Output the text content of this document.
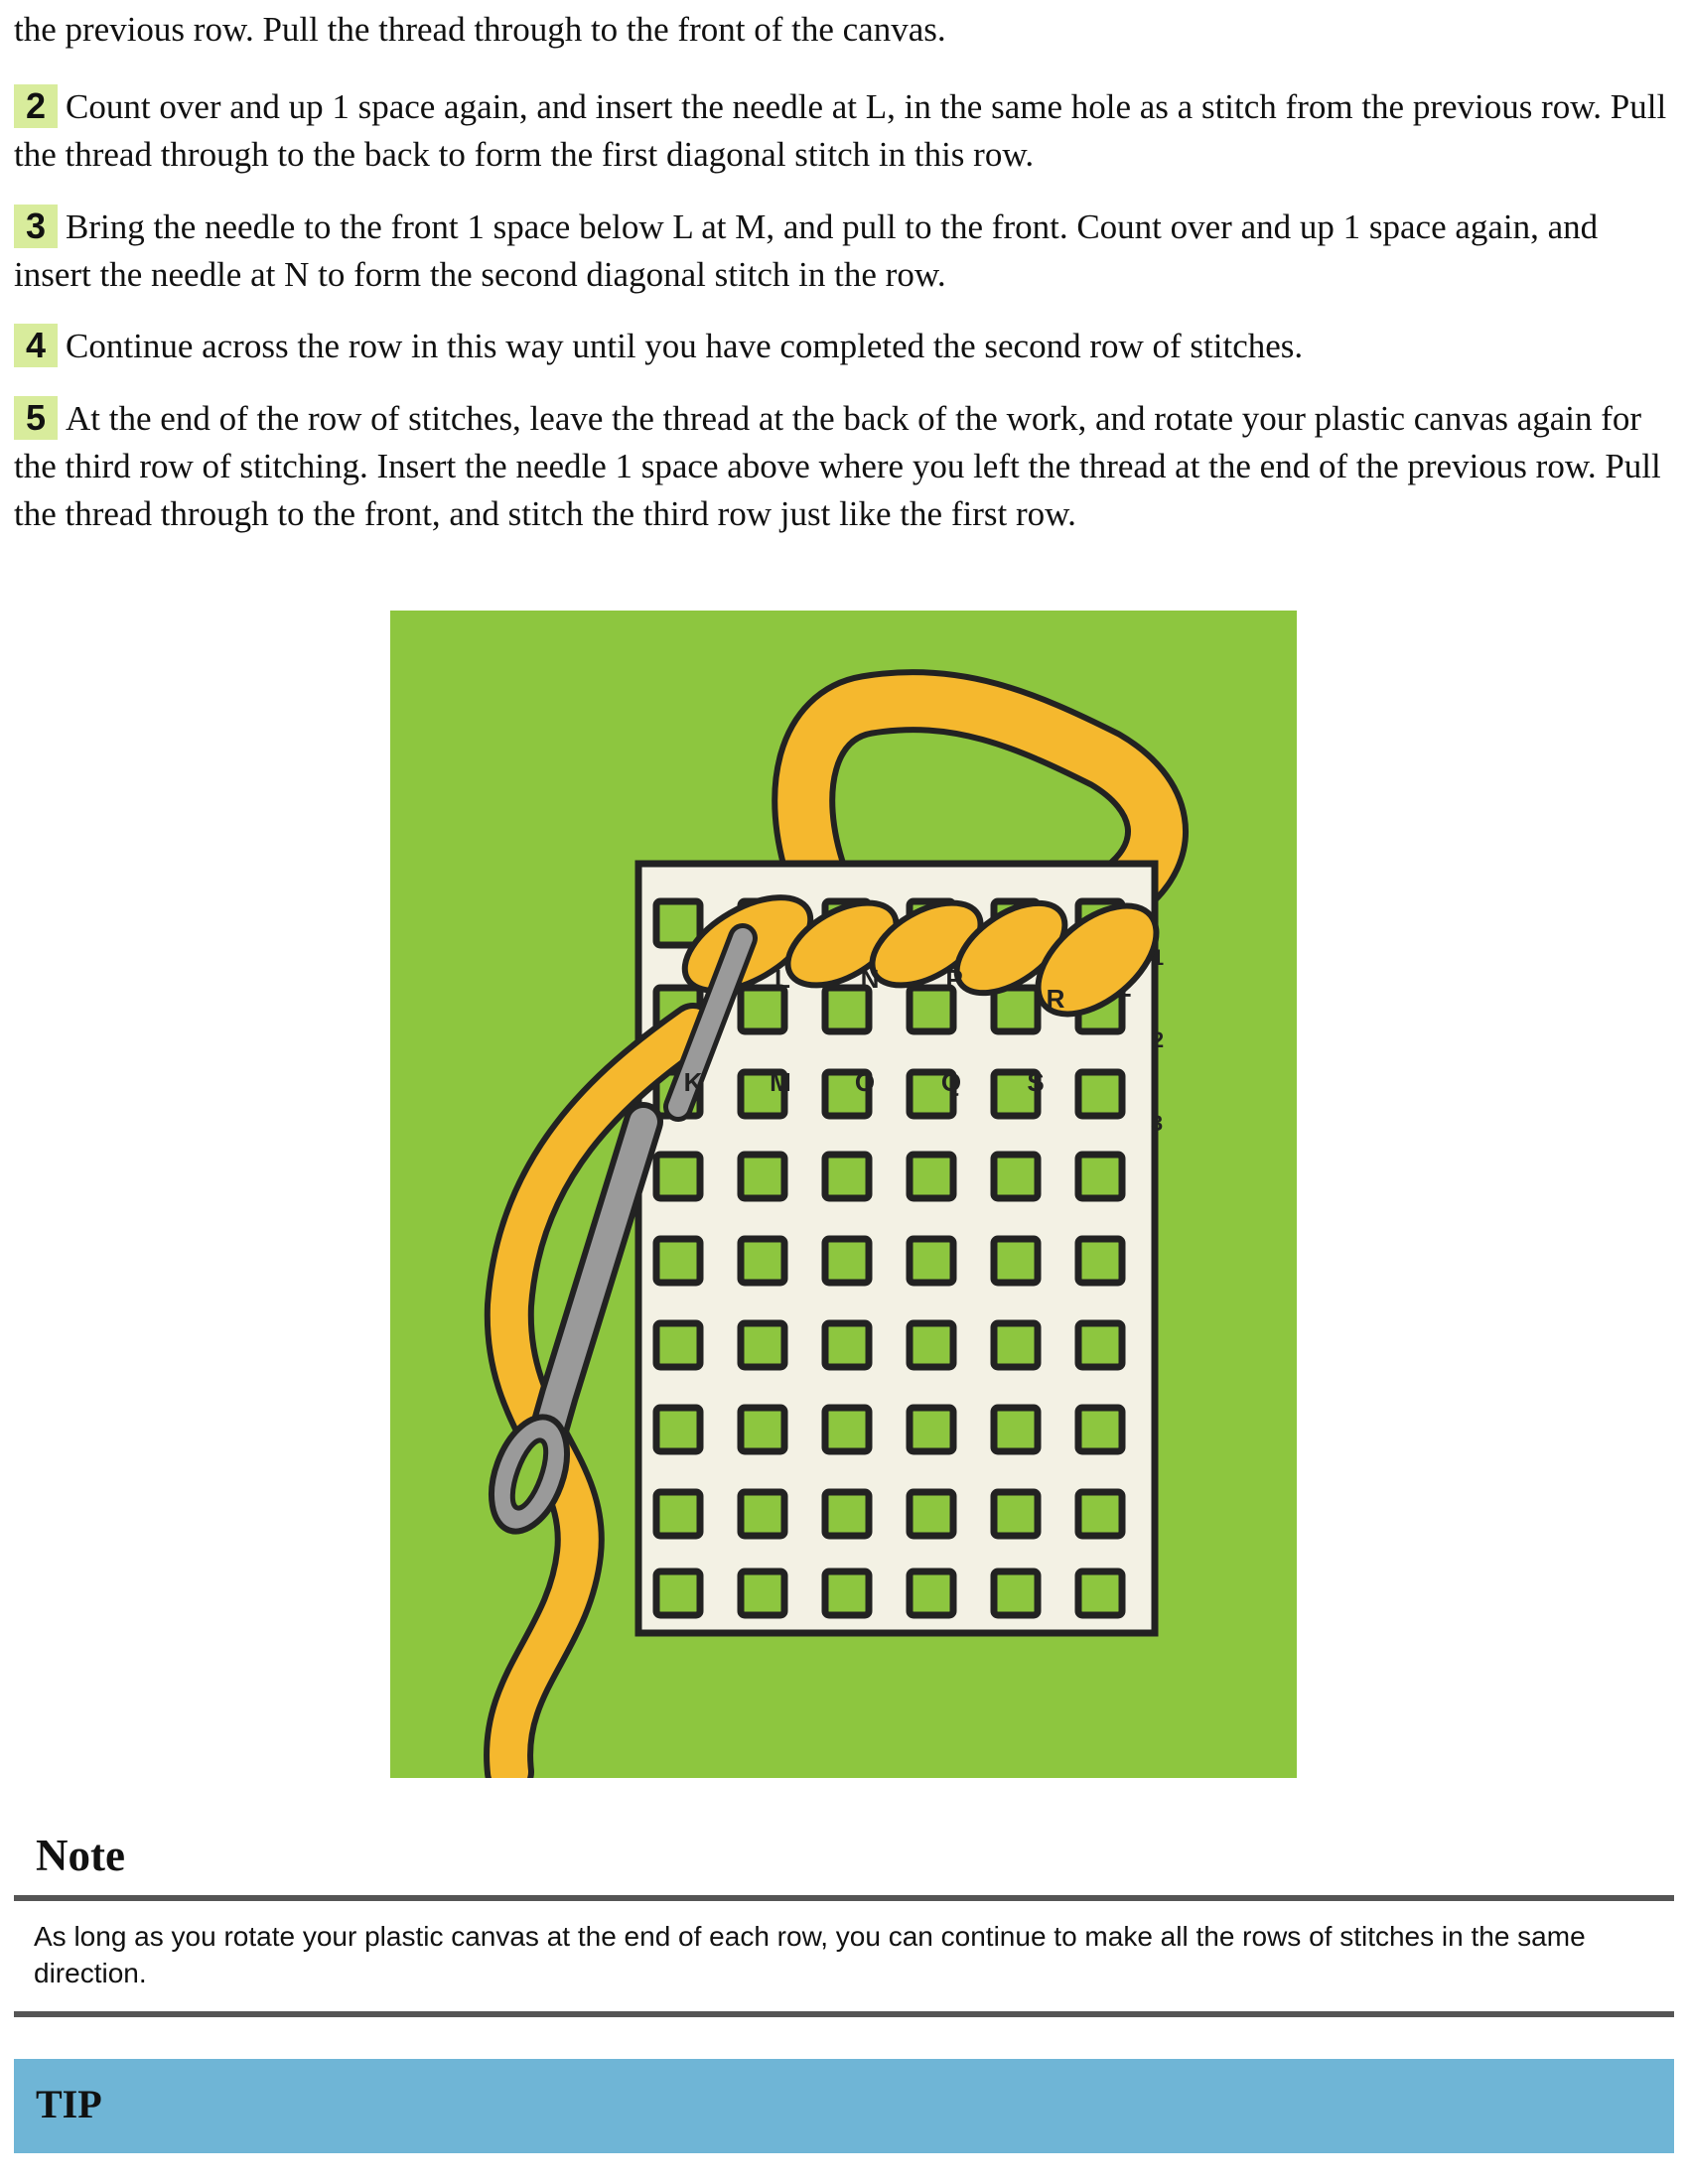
the previous row. Pull the thread through to the front of the canvas.
2 Count over and up 1 space again, and insert the needle at L, in the same hole as a stitch from the previous row. Pull the thread through to the back to form the first diagonal stitch in this row.
3 Bring the needle to the front 1 space below L at M, and pull to the front. Count over and up 1 space again, and insert the needle at N to form the second diagonal stitch in the row.
4 Continue across the row in this way until you have completed the second row of stitches.
5 At the end of the row of stitches, leave the thread at the back of the work, and rotate your plastic canvas again for the third row of stitching. Insert the needle 1 space above where you left the thread at the end of the previous row. Pull the thread through to the front, and stitch the third row just like the first row.
L	N	P
R T
K	M O	Q	S
1
2
3
Note
As long as you rotate your plastic canvas at the end of each row, you can continue to make all the rows of stitches in the same direction.
TIP
